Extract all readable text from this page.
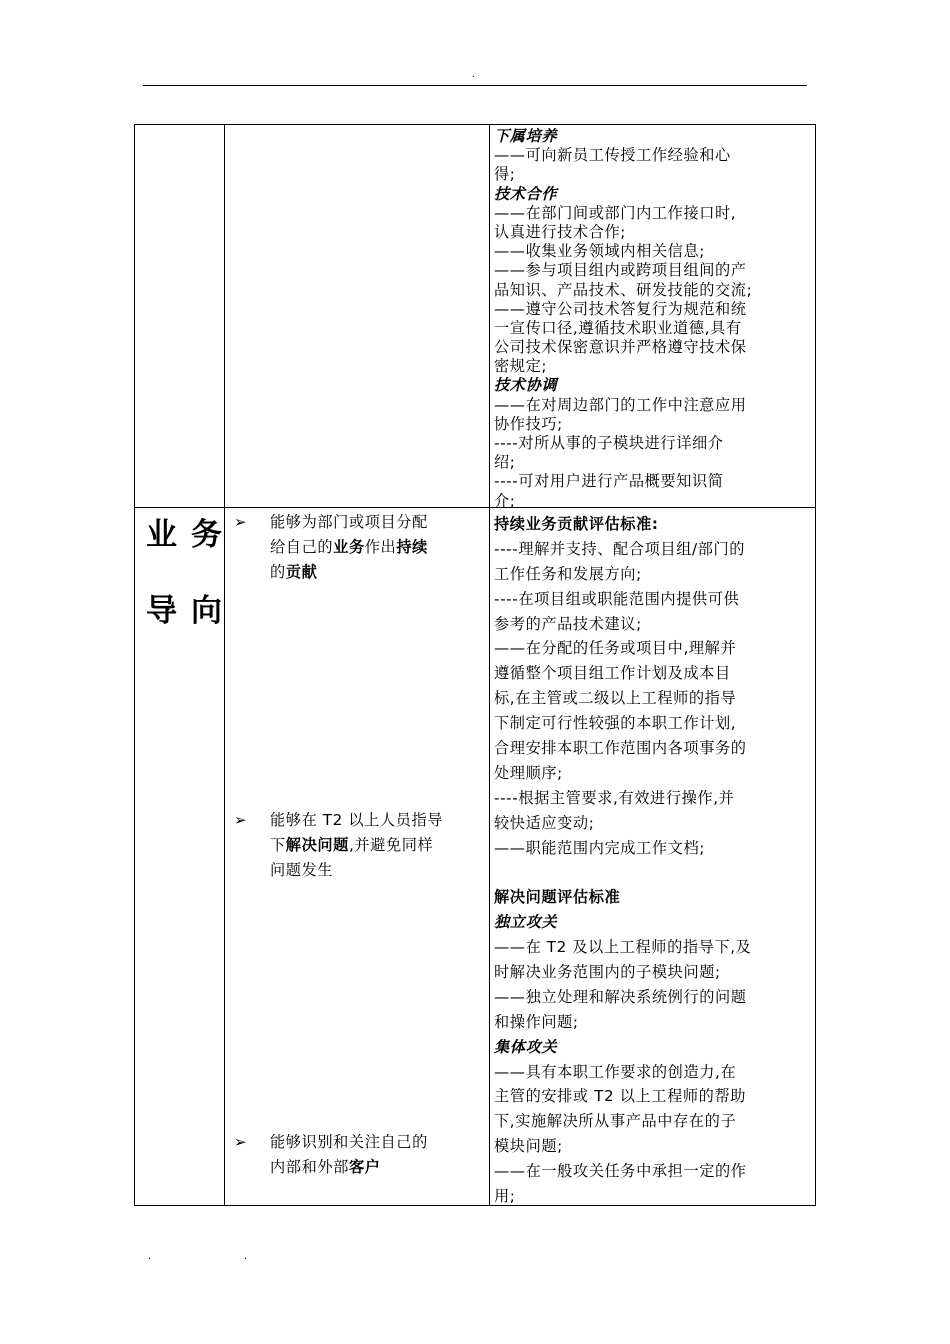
.
下属培养
——可向新员工传授工作经验和心
得;
技术合作
——在部门间或部门内工作接口时,
认真进行技术合作;
——收集业务领域内相关信息;
——参与项目组内或跨项目组间的产
品知识、产品技术、研发技能的交流;
——遵守公司技术答复行为规范和统
一宣传口径,遵循技术职业道德,具有
公司技术保密意识并严格遵守技术保
密规定;
技术协调
——在对周边部门的工作中注意应用
协作技巧;
----对所从事的子模块进行详细介
绍;
----可对用户进行产品概要知识简
介;
业务
导向
➢ 能够为部门或项目分配
给自己的业务作出持续
的贡献
➢ 能够在 T2 以上人员指导
下解决问题,并避免同样
问题发生
➢ 能够识别和关注自己的
内部和外部客户
持续业务贡献评估标准:
----理解并支持、配合项目组/部门的
工作任务和发展方向;
----在项目组或职能范围内提供可供
参考的产品技术建议;
——在分配的任务或项目中,理解并
遵循整个项目组工作计划及成本目
标,在主管或二级以上工程师的指导
下制定可行性较强的本职工作计划,
合理安排本职工作范围内各项事务的
处理顺序;
----根据主管要求,有效进行操作,并
较快适应变动;
——职能范围内完成工作文档;

解决问题评估标准
独立攻关
——在 T2 及以上工程师的指导下,及
时解决业务范围内的子模块问题;
——独立处理和解决系统例行的问题
和操作问题;
集体攻关
——具有本职工作要求的创造力,在
主管的安排或 T2 以上工程师的帮助
下,实施解决所从事产品中存在的子
模块问题;
——在一般攻关任务中承担一定的作
用;
.	.
